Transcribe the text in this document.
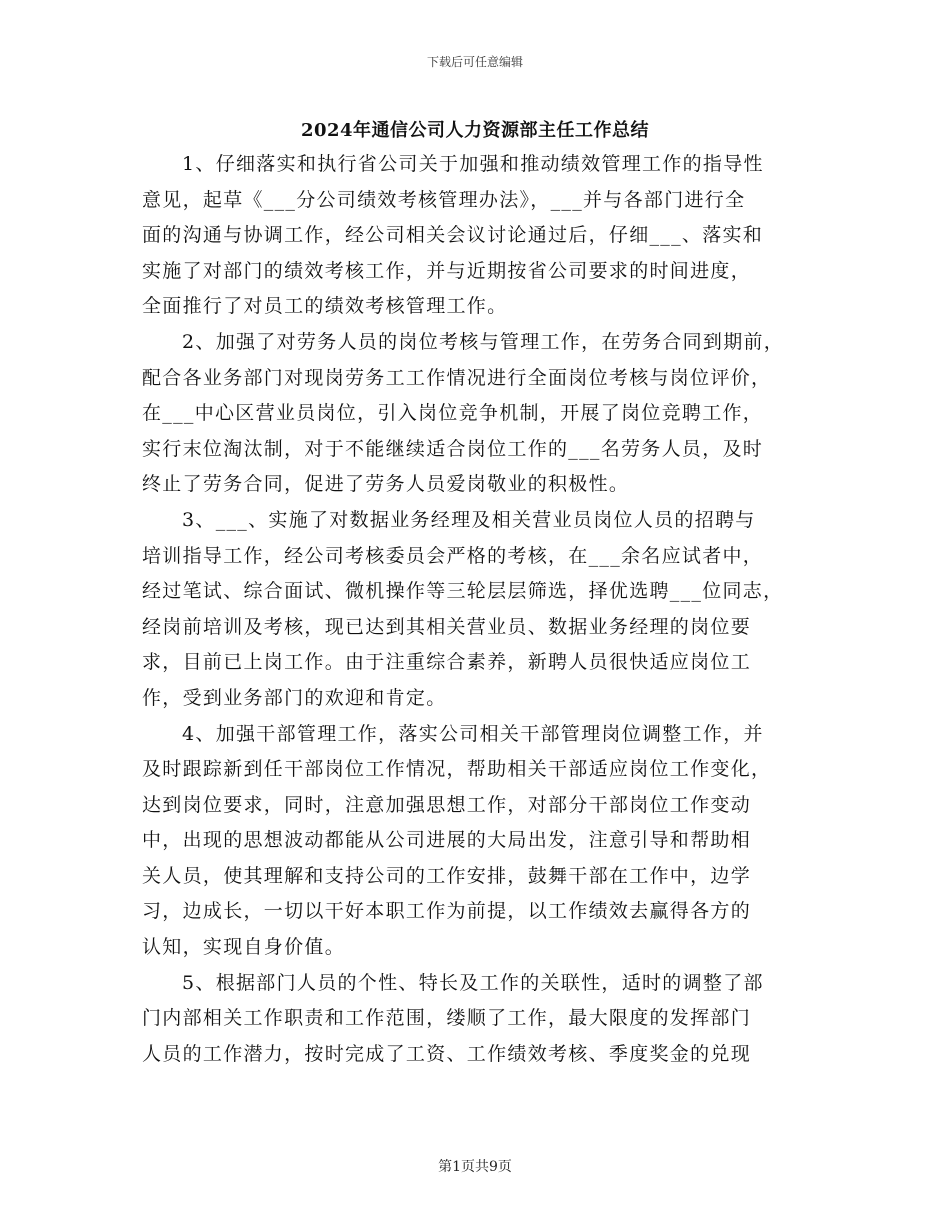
下载后可任意编辑
2024年通信公司人力资源部主任工作总结
1、仔细落实和执行省公司关于加强和推动绩效管理工作的指导性
意见，起草《___分公司绩效考核管理办法》，___并与各部门进行全
面的沟通与协调工作，经公司相关会议讨论通过后，仔细___、落实和
实施了对部门的绩效考核工作，并与近期按省公司要求的时间进度，
全面推行了对员工的绩效考核管理工作。
2、加强了对劳务人员的岗位考核与管理工作，在劳务合同到期前，
配合各业务部门对现岗劳务工工作情况进行全面岗位考核与岗位评价，
在___中心区营业员岗位，引入岗位竞争机制，开展了岗位竞聘工作，
实行末位淘汰制，对于不能继续适合岗位工作的___名劳务人员，及时
终止了劳务合同，促进了劳务人员爱岗敬业的积极性。
3、___、实施了对数据业务经理及相关营业员岗位人员的招聘与
培训指导工作，经公司考核委员会严格的考核，在___余名应试者中，
经过笔试、综合面试、微机操作等三轮层层筛选，择优选聘___位同志，
经岗前培训及考核，现已达到其相关营业员、数据业务经理的岗位要
求，目前已上岗工作。由于注重综合素养，新聘人员很快适应岗位工
作，受到业务部门的欢迎和肯定。
4、加强干部管理工作，落实公司相关干部管理岗位调整工作，并
及时跟踪新到任干部岗位工作情况，帮助相关干部适应岗位工作变化，
达到岗位要求，同时，注意加强思想工作，对部分干部岗位工作变动
中，出现的思想波动都能从公司进展的大局出发，注意引导和帮助相
关人员，使其理解和支持公司的工作安排，鼓舞干部在工作中，边学
习，边成长，一切以干好本职工作为前提，以工作绩效去赢得各方的
认知，实现自身价值。
5、根据部门人员的个性、特长及工作的关联性，适时的调整了部
门内部相关工作职责和工作范围，缕顺了工作，最大限度的发挥部门
人员的工作潜力，按时完成了工资、工作绩效考核、季度奖金的兑现
第1页共9页
